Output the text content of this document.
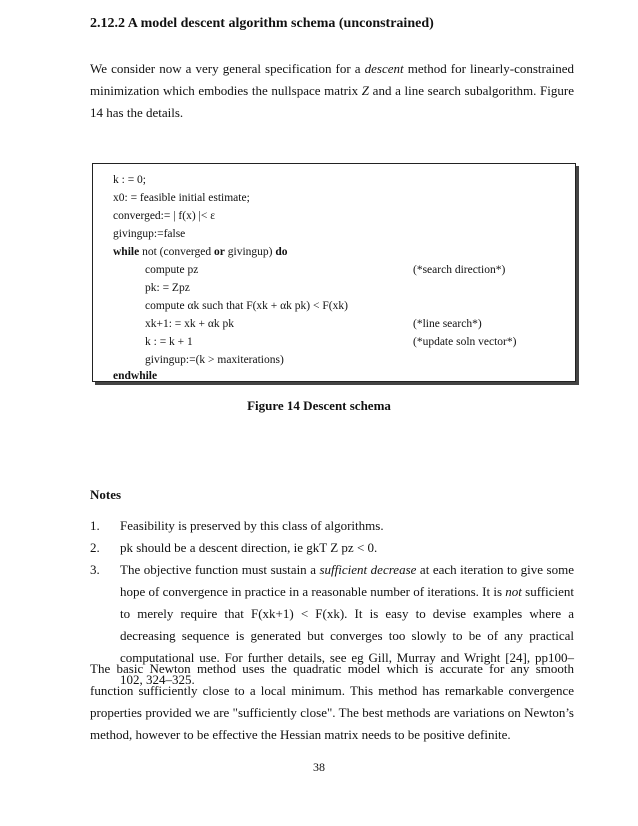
2.12.2 A model descent algorithm schema (unconstrained)
We consider now a very general specification for a descent method for linearly-constrained minimization which embodies the nullspace matrix Z and a line search subalgorithm. Figure 14 has the details.
k : = 0;
x0: = feasible initial estimate;
converged:= | f(x) |< ε
givingup:=false
while not (converged or givingup) do
compute pz	(*search direction*)
pk: = Zpz
compute αk such that F(xk + αk pk) < F(xk)
xk+1: = xk + αk pk	(*line search*)
k : = k + 1	(*update soln vector*)
givingup:=(k > maxiterations)
endwhile
Figure 14 Descent schema
Notes
1. Feasibility is preserved by this class of algorithms.
2. pk should be a descent direction, ie gkT Z pz < 0.
3. The objective function must sustain a sufficient decrease at each iteration to give some hope of convergence in practice in a reasonable number of iterations. It is not sufficient to merely require that F(xk+1) < F(xk). It is easy to devise examples where a decreasing sequence is generated but converges too slowly to be of any practical computational use. For further details, see eg Gill, Murray and Wright [24], pp100–102, 324–325.
The basic Newton method uses the quadratic model which is accurate for any smooth function sufficiently close to a local minimum. This method has remarkable convergence properties provided we are "sufficiently close". The best methods are variations on Newton’s method, however to be effective the Hessian matrix needs to be positive definite.
38
